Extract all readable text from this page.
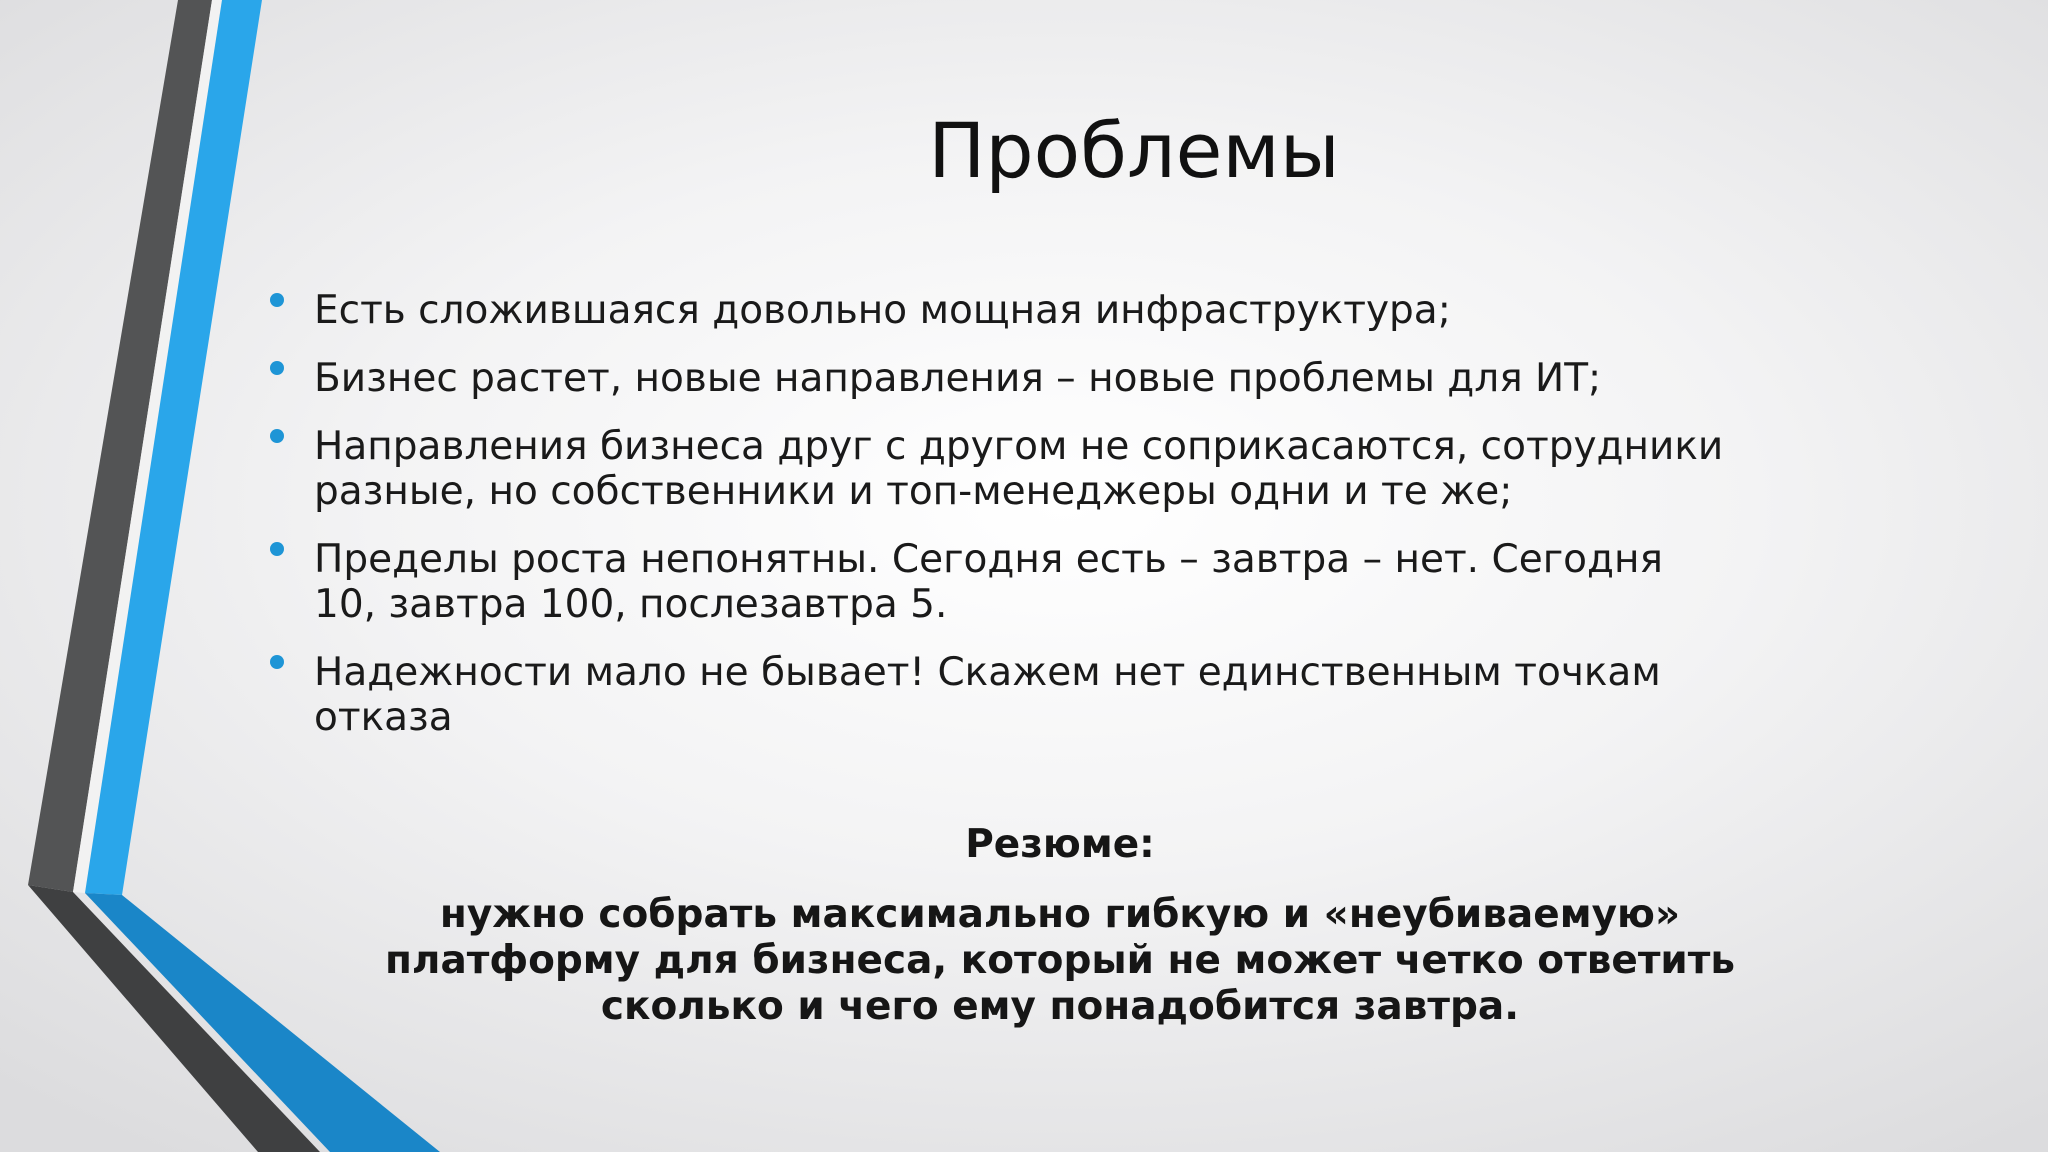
Проблемы
Есть сложившаяся довольно мощная инфраструктура;
Бизнес растет, новые направления – новые проблемы для ИТ;
Направления бизнеса друг с другом не соприкасаются, сотрудники разные, но собственники и топ-менеджеры одни и те же;
Пределы роста непонятны. Сегодня есть – завтра – нет. Сегодня 10, завтра 100, послезавтра 5.
Надежности мало не бывает! Скажем нет единственным точкам отказа
Резюме:
нужно собрать максимально гибкую и «неубиваемую» платформу для бизнеса, который не может четко ответить сколько и чего ему понадобится завтра.
